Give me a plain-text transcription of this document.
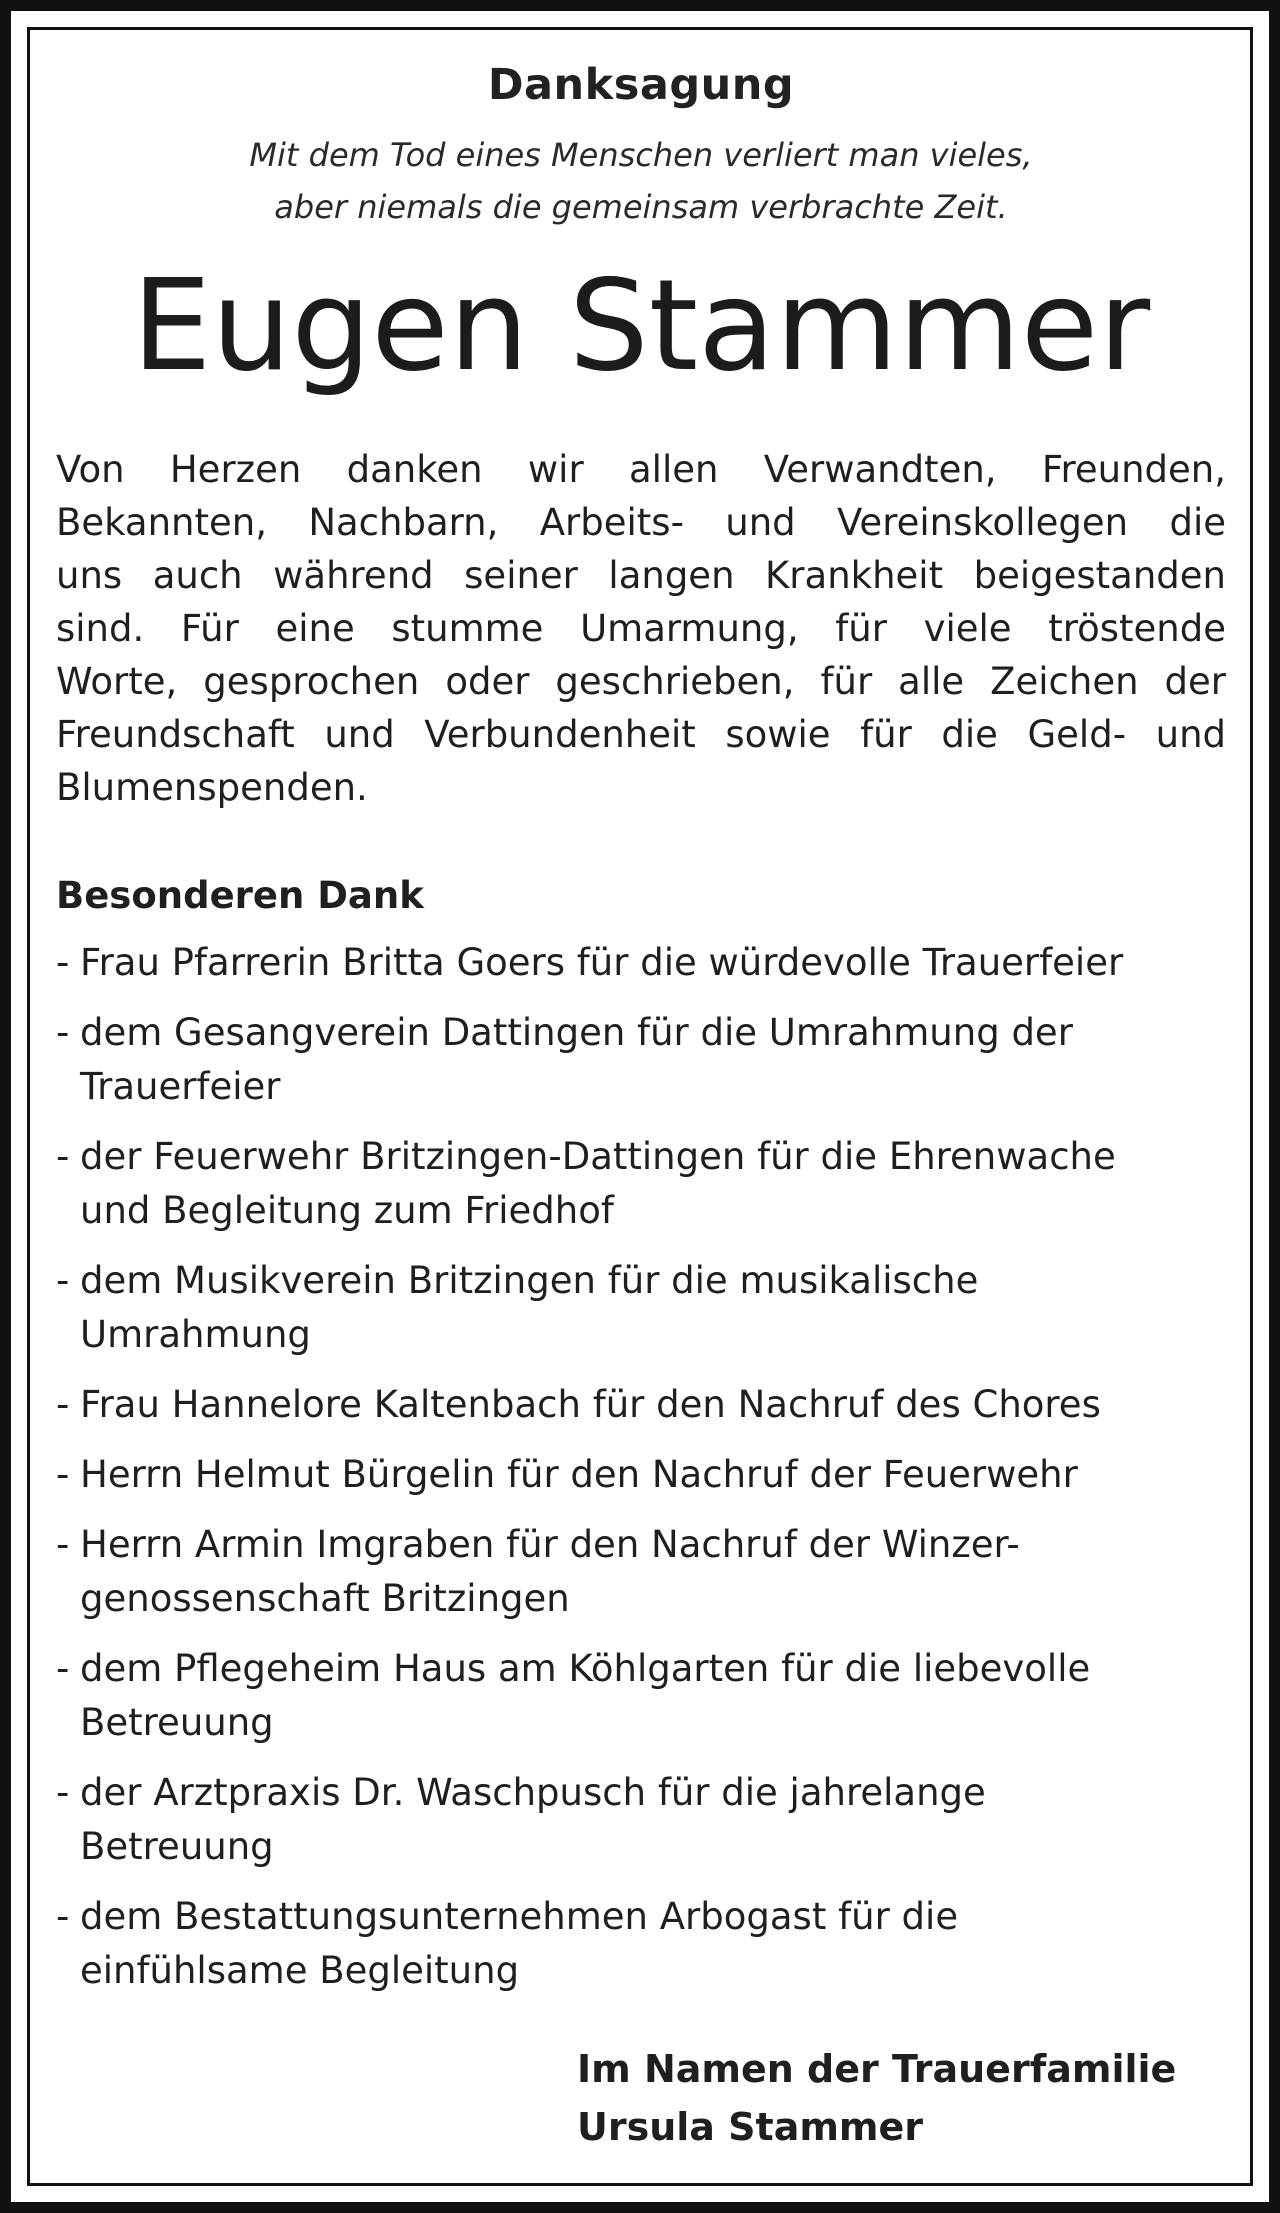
Danksagung
Mit dem Tod eines Menschen verliert man vieles,
aber niemals die gemeinsam verbrachte Zeit.
Eugen Stammer
Von Herzen danken wir allen Verwandten, Freunden,
Bekannten, Nachbarn, Arbeits- und Vereinskollegen die
uns auch während seiner langen Krankheit beigestanden
sind. Für eine stumme Umarmung, für viele tröstende
Worte, gesprochen oder geschrieben, für alle Zeichen der
Freundschaft und Verbundenheit sowie für die Geld- und
Blumenspenden.
Besonderen Dank
- Frau Pfarrerin Britta Goers für die würdevolle Trauerfeier
- dem Gesangverein Dattingen für die Umrahmung der
Trauerfeier
- der Feuerwehr Britzingen-Dattingen für die Ehrenwache
und Begleitung zum Friedhof
- dem Musikverein Britzingen für die musikalische
Umrahmung
- Frau Hannelore Kaltenbach für den Nachruf des Chores
- Herrn Helmut Bürgelin für den Nachruf der Feuerwehr
- Herrn Armin Imgraben für den Nachruf der Winzer-
genossenschaft Britzingen
- dem Pflegeheim Haus am Köhlgarten für die liebevolle
Betreuung
- der Arztpraxis Dr. Waschpusch für die jahrelange
Betreuung
- dem Bestattungsunternehmen Arbogast für die
einfühlsame Begleitung
Im Namen der Trauerfamilie
Ursula Stammer
